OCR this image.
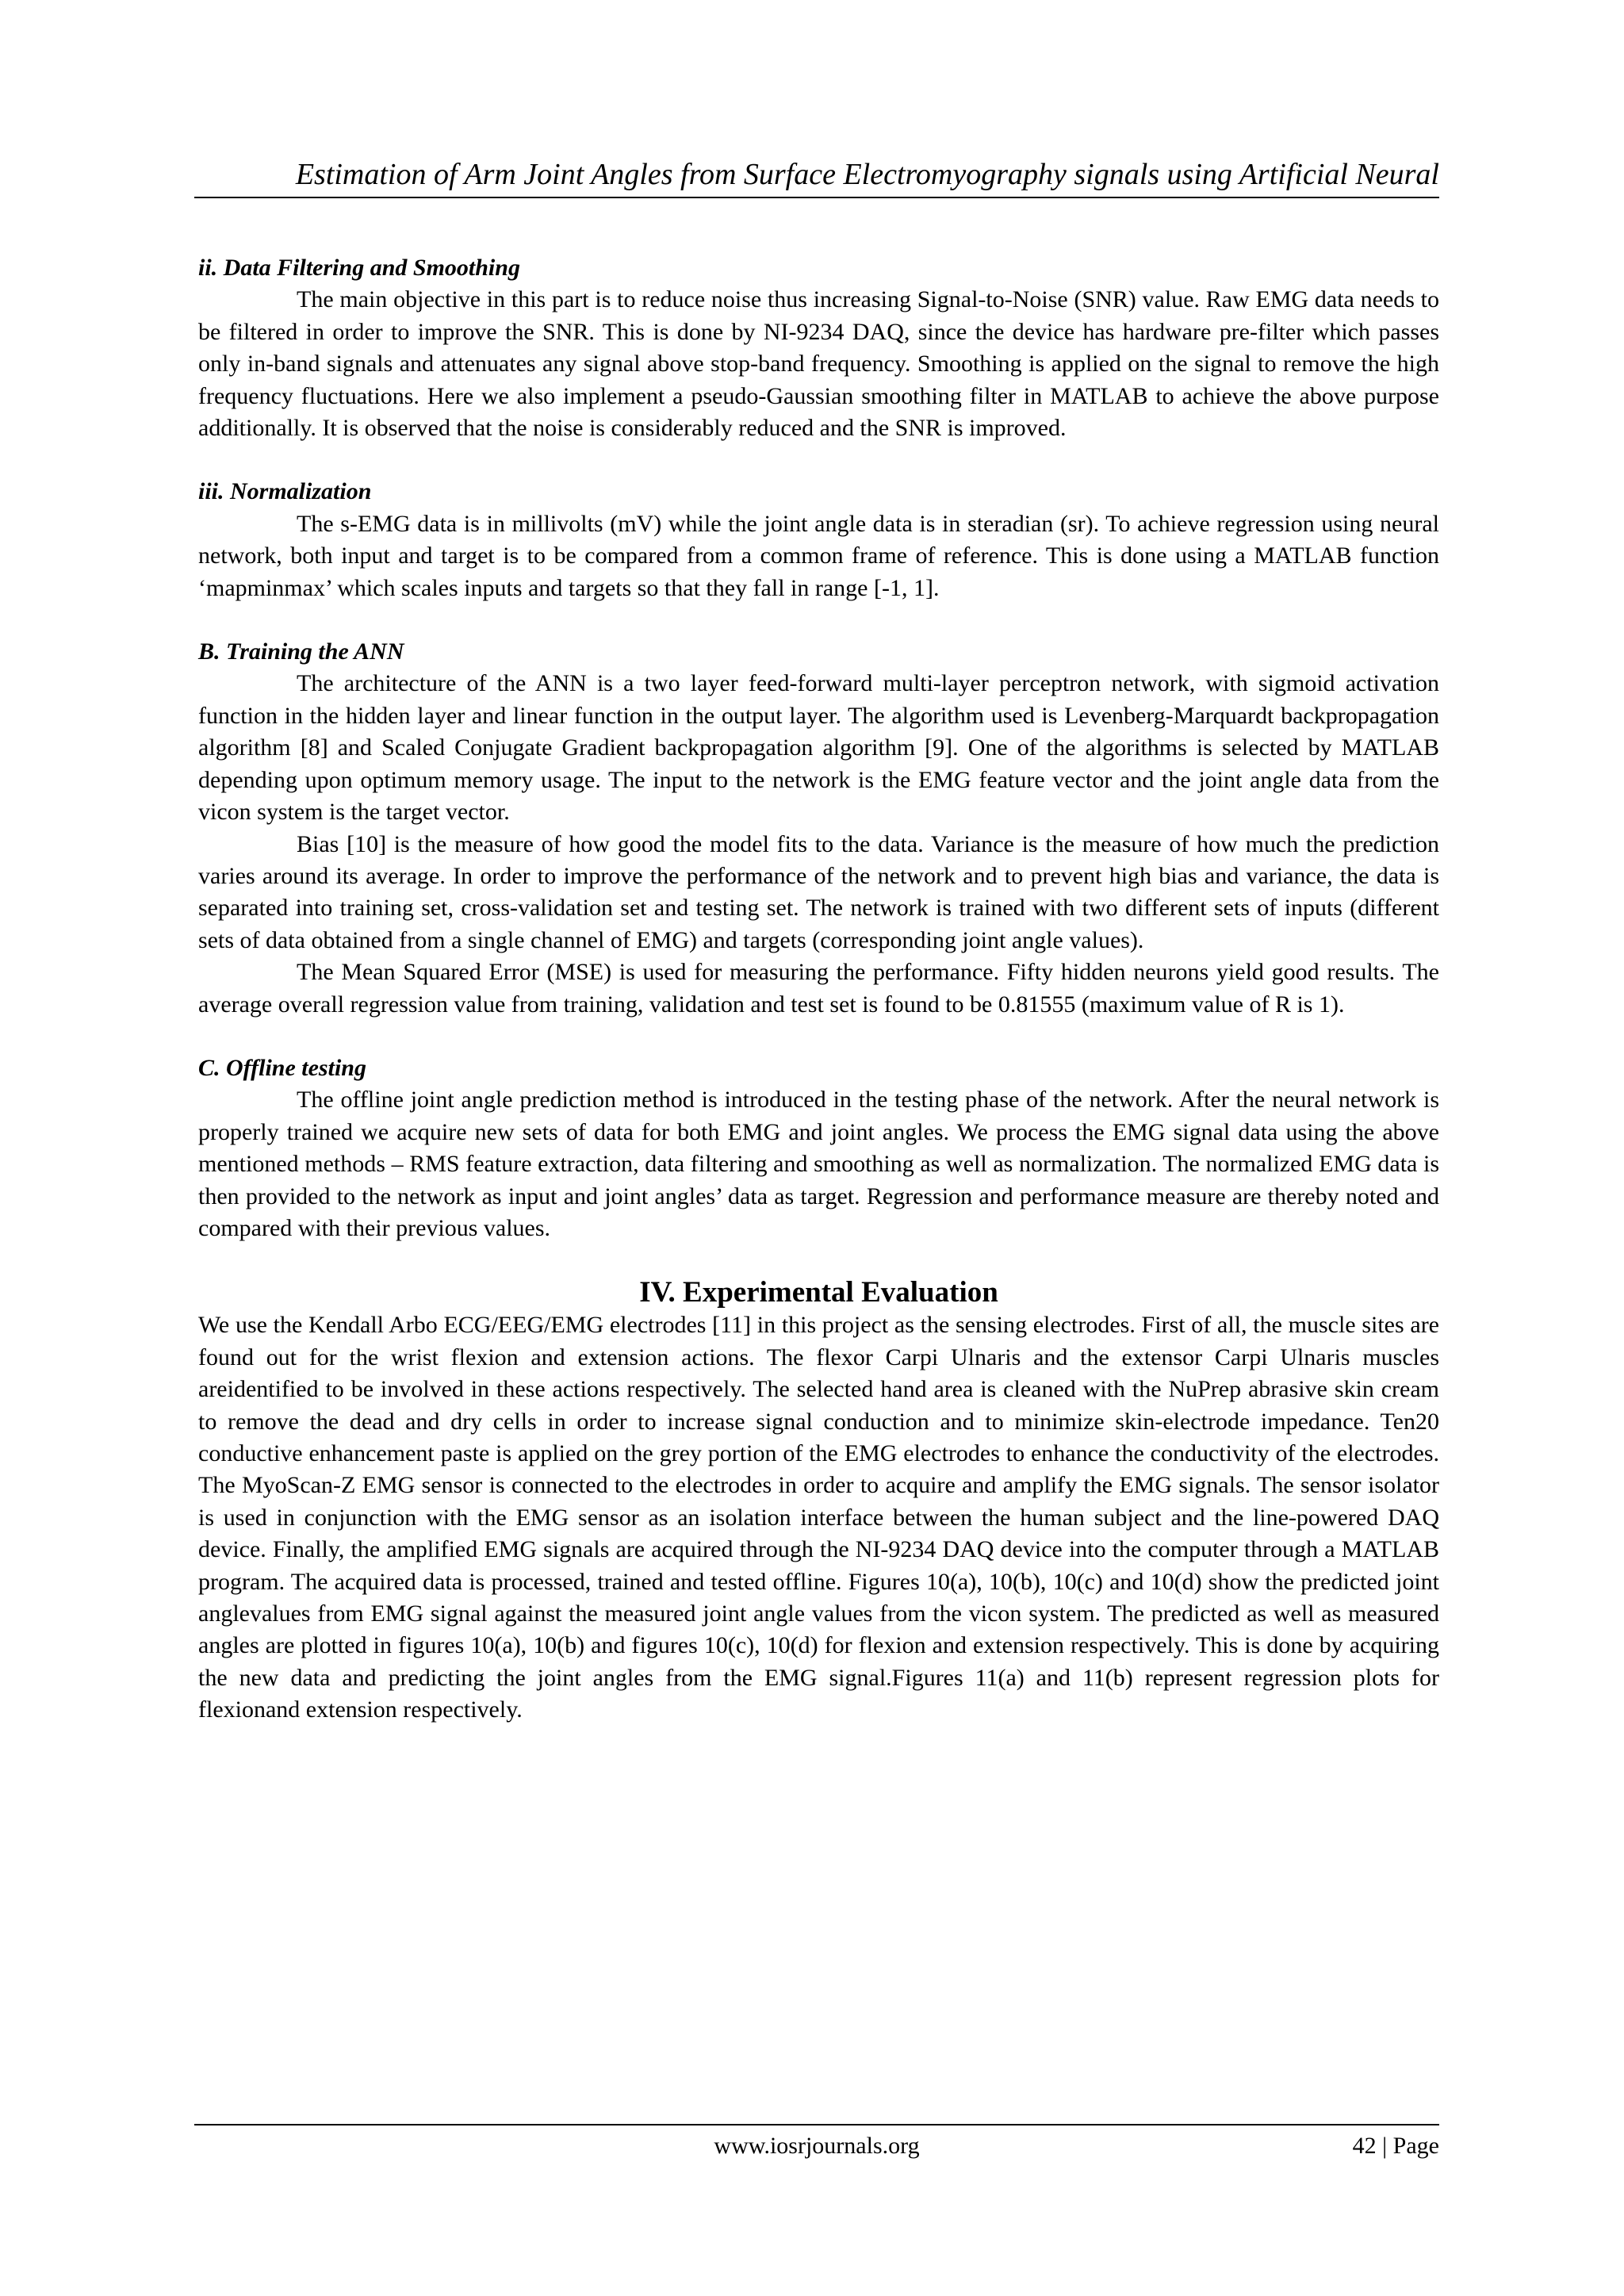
Estimation of Arm Joint Angles from Surface Electromyography signals using Artificial Neural
ii. Data Filtering and Smoothing

The main objective in this part is to reduce noise thus increasing Signal-to-Noise (SNR) value. Raw EMG data needs to be filtered in order to improve the SNR. This is done by NI-9234 DAQ, since the device has hardware pre-filter which passes only in-band signals and attenuates any signal above stop-band frequency. Smoothing is applied on the signal to remove the high frequency fluctuations. Here we also implement a pseudo-Gaussian smoothing filter in MATLAB to achieve the above purpose additionally. It is observed that the noise is considerably reduced and the SNR is improved.

iii. Normalization

The s-EMG data is in millivolts (mV) while the joint angle data is in steradian (sr). To achieve regression using neural network, both input and target is to be compared from a common frame of reference. This is done using a MATLAB function ‘mapminmax’ which scales inputs and targets so that they fall in range [-1, 1].

B. Training the ANN

The architecture of the ANN is a two layer feed-forward multi-layer perceptron network, with sigmoid activation function in the hidden layer and linear function in the output layer. The algorithm used is Levenberg-Marquardt backpropagation algorithm [8] and Scaled Conjugate Gradient backpropagation algorithm [9]. One of the algorithms is selected by MATLAB depending upon optimum memory usage. The input to the network is the EMG feature vector and the joint angle data from the vicon system is the target vector.

Bias [10] is the measure of how good the model fits to the data. Variance is the measure of how much the prediction varies around its average. In order to improve the performance of the network and to prevent high bias and variance, the data is separated into training set, cross-validation set and testing set. The network is trained with two different sets of inputs (different sets of data obtained from a single channel of EMG) and targets (corresponding joint angle values).

The Mean Squared Error (MSE) is used for measuring the performance. Fifty hidden neurons yield good results. The average overall regression value from training, validation and test set is found to be 0.81555 (maximum value of R is 1).

C. Offline testing

The offline joint angle prediction method is introduced in the testing phase of the network. After the neural network is properly trained we acquire new sets of data for both EMG and joint angles. We process the EMG signal data using the above mentioned methods – RMS feature extraction, data filtering and smoothing as well as normalization. The normalized EMG data is then provided to the network as input and joint angles’ data as target. Regression and performance measure are thereby noted and compared with their previous values.

IV. Experimental Evaluation

We use the Kendall Arbo ECG/EEG/EMG electrodes [11] in this project as the sensing electrodes. First of all, the muscle sites are found out for the wrist flexion and extension actions. The flexor Carpi Ulnaris and the extensor Carpi Ulnaris muscles areidentified to be involved in these actions respectively. The selected hand area is cleaned with the NuPrep abrasive skin cream to remove the dead and dry cells in order to increase signal conduction and to minimize skin-electrode impedance. Ten20 conductive enhancement paste is applied on the grey portion of the EMG electrodes to enhance the conductivity of the electrodes. The MyoScan-Z EMG sensor is connected to the electrodes in order to acquire and amplify the EMG signals. The sensor isolator is used in conjunction with the EMG sensor as an isolation interface between the human subject and the line-powered DAQ device. Finally, the amplified EMG signals are acquired through the NI-9234 DAQ device into the computer through a MATLAB program. The acquired data is processed, trained and tested offline. Figures 10(a), 10(b), 10(c) and 10(d) show the predicted joint anglevalues from EMG signal against the measured joint angle values from the vicon system. The predicted as well as measured angles are plotted in figures 10(a), 10(b) and figures 10(c), 10(d) for flexion and extension respectively. This is done by acquiring the new data and predicting the joint angles from the EMG signal.Figures 11(a) and 11(b) represent regression plots for flexionand extension respectively.

www.iosrjournals.org	42 | Page
